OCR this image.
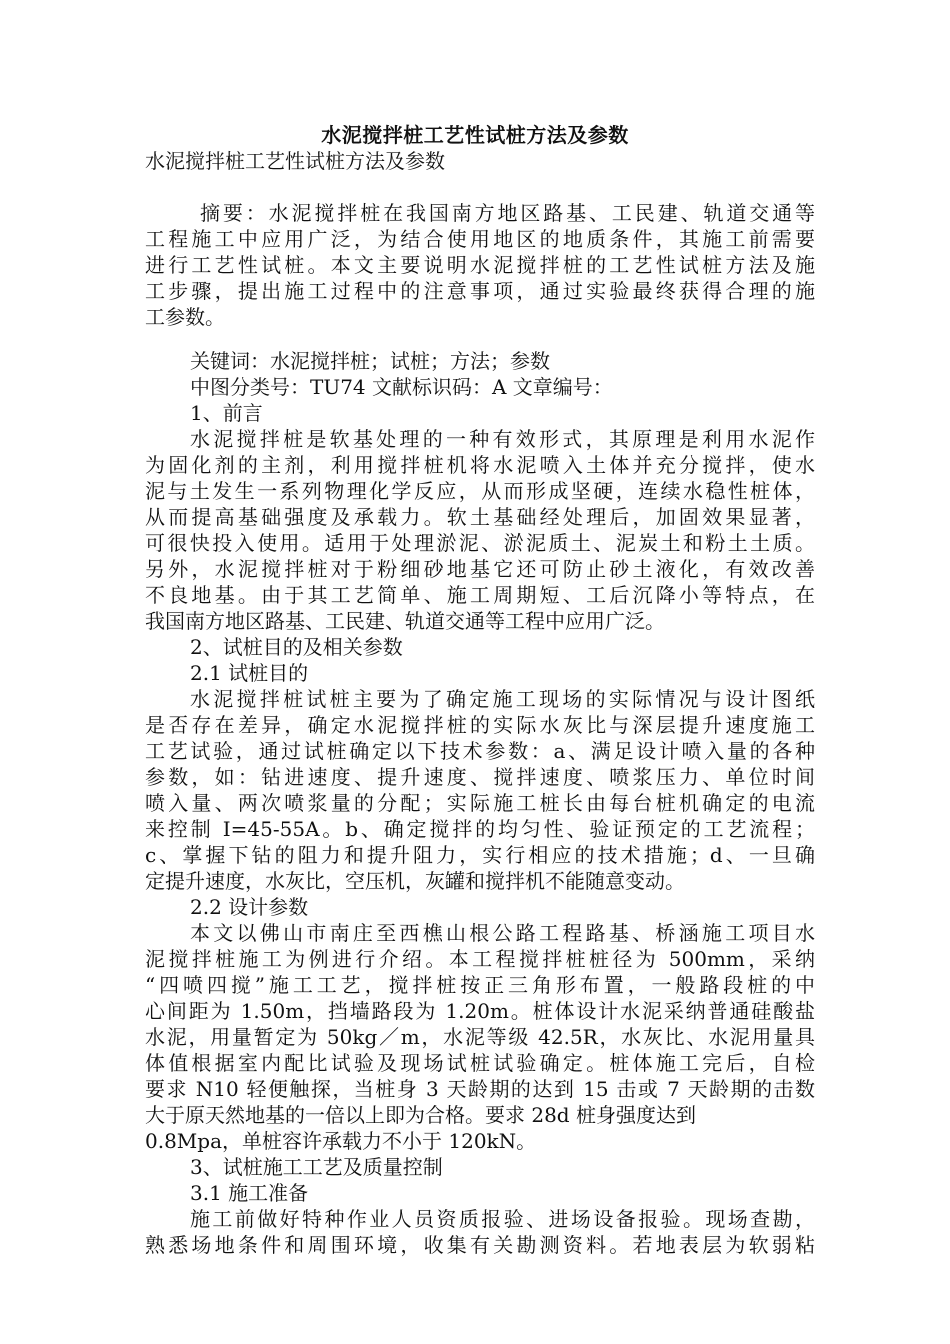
水泥搅拌桩工艺性试桩方法及参数
水泥搅拌桩工艺性试桩方法及参数
摘要：水泥搅拌桩在我国南方地区路基、工民建、轨道交通等
工程施工中应用广泛，为结合使用地区的地质条件，其施工前需要
进行工艺性试桩。本文主要说明水泥搅拌桩的工艺性试桩方法及施
工步骤，提出施工过程中的注意事项，通过实验最终获得合理的施
工参数。
关键词：水泥搅拌桩；试桩；方法；参数
中图分类号：TU74 文献标识码：A 文章编号：
1、前言
水泥搅拌桩是软基处理的一种有效形式，其原理是利用水泥作
为固化剂的主剂，利用搅拌桩机将水泥喷入土体并充分搅拌，使水
泥与土发生一系列物理化学反应，从而形成坚硬，连续水稳性桩体，
从而提高基础强度及承载力。软土基础经处理后，加固效果显著，
可很快投入使用。适用于处理淤泥、淤泥质土、泥炭土和粉土土质。
另外，水泥搅拌桩对于粉细砂地基它还可防止砂土液化，有效改善
不良地基。由于其工艺简单、施工周期短、工后沉降小等特点，在
我国南方地区路基、工民建、轨道交通等工程中应用广泛。
2、试桩目的及相关参数
2.1 试桩目的
水泥搅拌桩试桩主要为了确定施工现场的实际情况与设计图纸
是否存在差异，确定水泥搅拌桩的实际水灰比与深层提升速度施工
工艺试验，通过试桩确定以下技术参数：a、满足设计喷入量的各种
参数，如：钻进速度、提升速度、搅拌速度、喷浆压力、单位时间
喷入量、两次喷浆量的分配；实际施工桩长由每台桩机确定的电流
来控制 I=45-55A。b、确定搅拌的均匀性、验证预定的工艺流程；
c、掌握下钻的阻力和提升阻力，实行相应的技术措施；d、一旦确
定提升速度，水灰比，空压机，灰罐和搅拌机不能随意变动。
2.2 设计参数
本文以佛山市南庄至西樵山根公路工程路基、桥涵施工项目水
泥搅拌桩施工为例进行介绍。本工程搅拌桩桩径为 500mm，采纳
“四喷四搅”施工工艺，搅拌桩按正三角形布置，一般路段桩的中
心间距为 1.50m，挡墙路段为 1.20m。桩体设计水泥采纳普通硅酸盐
水泥，用量暂定为 50kg／m，水泥等级 42.5R，水灰比、水泥用量具
体值根据室内配比试验及现场试桩试验确定。桩体施工完后，自检
要求 N10 轻便触探，当桩身 3 天龄期的达到 15 击或 7 天龄期的击数
大于原天然地基的一倍以上即为合格。要求 28d 桩身强度达到
0.8Mpa，单桩容许承载力不小于 120kN。
3、试桩施工工艺及质量控制
3.1 施工准备
施工前做好特种作业人员资质报验、进场设备报验。现场查勘，
熟悉场地条件和周围环境，收集有关勘测资料。若地表层为软弱粘
